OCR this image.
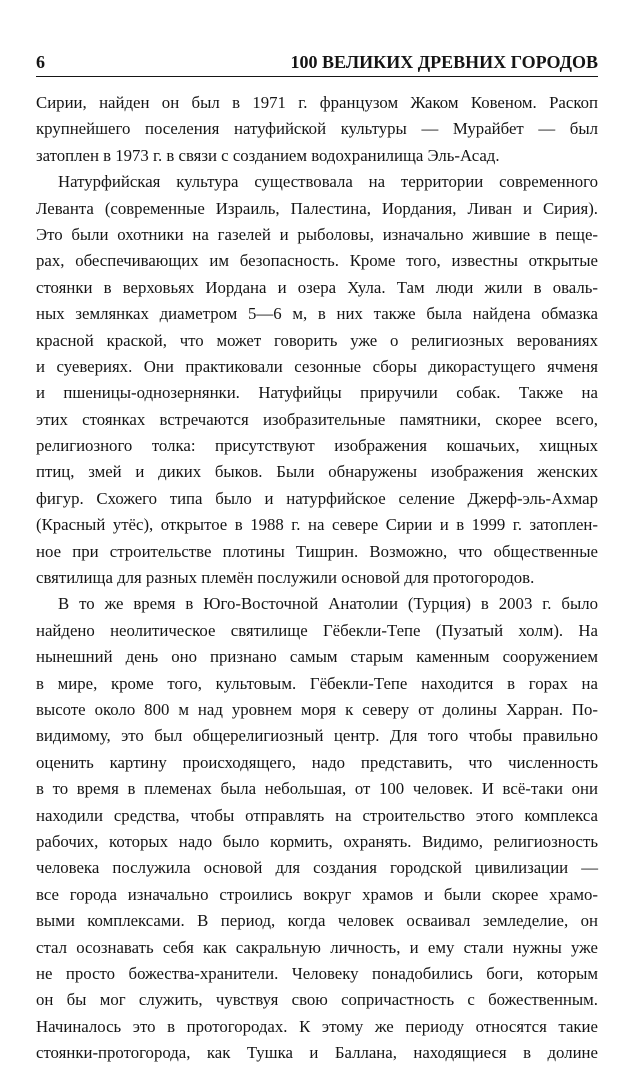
6	100 ВЕЛИКИХ ДРЕВНИХ ГОРОДОВ
Сирии, найден он был в 1971 г. французом Жаком Ковеном. Раскоп
крупнейшего поселения натуфийской культуры — Мурайбет — был
затоплен в 1973 г. в связи с созданием водохранилища Эль-Асад.
Натурфийская культура существовала на территории современного
Леванта (современные Израиль, Палестина, Иордания, Ливан и Сирия).
Это были охотники на газелей и рыболовы, изначально жившие в пеще-
рах, обеспечивающих им безопасность. Кроме того, известны открытые
стоянки в верховьях Иордана и озера Хула. Там люди жили в оваль-
ных землянках диаметром 5—6 м, в них также была найдена обмазка
красной краской, что может говорить уже о религиозных верованиях
и суевериях. Они практиковали сезонные сборы дикорастущего ячменя
и пшеницы-однозернянки. Натуфийцы приручили собак. Также на
этих стоянках встречаются изобразительные памятники, скорее всего,
религиозного толка: присутствуют изображения кошачьих, хищных
птиц, змей и диких быков. Были обнаружены изображения женских
фигур. Схожего типа было и натурфийское селение Джерф-эль-Ахмар
(Красный утёс), открытое в 1988 г. на севере Сирии и в 1999 г. затоплен-
ное при строительстве плотины Тишрин. Возможно, что общественные
святилища для разных племён послужили основой для протогородов.
В то же время в Юго-Восточной Анатолии (Турция) в 2003 г. было
найдено неолитическое святилище Гёбекли-Тепе (Пузатый холм). На
нынешний день оно признано самым старым каменным сооружением
в мире, кроме того, культовым. Гёбекли-Тепе находится в горах на
высоте около 800 м над уровнем моря к северу от долины Харран. По-
видимому, это был общерелигиозный центр. Для того чтобы правильно
оценить картину происходящего, надо представить, что численность
в то время в племенах была небольшая, от 100 человек. И всё-таки они
находили средства, чтобы отправлять на строительство этого комплекса
рабочих, которых надо было кормить, охранять. Видимо, религиозность
человека послужила основой для создания городской цивилизации —
все города изначально строились вокруг храмов и были скорее храмо-
выми комплексами. В период, когда человек осваивал земледелие, он
стал осознавать себя как сакральную личность, и ему стали нужны уже
не просто божества-хранители. Человеку понадобились боги, которым
он бы мог служить, чувствуя свою сопричастность с божественным.
Начиналось это в протогородах. К этому же периоду относятся такие
стоянки-протогорода, как Тушка и Баллана, находящиеся в долине
